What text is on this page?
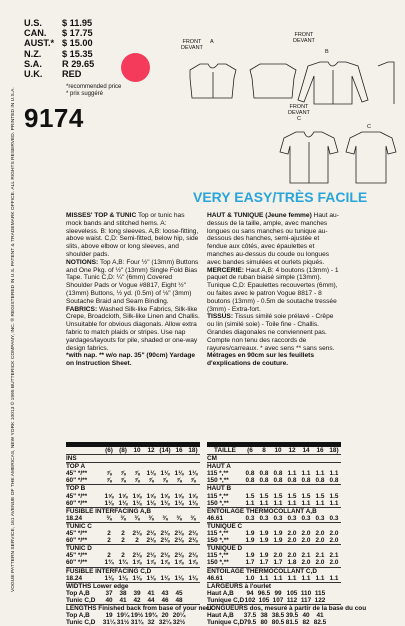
VOGUE PATTERN SERVICE, 161 AVENUE OF THE AMERICAS, NEW YORK 10013 © 1995 BUTTERICK COMPANY, INC. ® REGISTERED IN U.S. PATENT & TRADEMARK OFFICE. ALL RIGHTS RESERVED. PRINTED IN U.S.A.
U.S.	$ 11.95
CAN.	$ 17.75
AUST.* $ 15.00
N.Z.	$ 15.35
S.A.	R 29.65
U.K.	RED
*recommended price
* prix suggéré
9174
FRONT
DEVANT
A
FRONT
DEVANT
B
FRONT
DEVANT
C
C
VERY EASY/TRÈS FACILE

MISSES' TOP & TUNIC Top or tunic has mock bands and stitched hems. A: sleeveless. B: long sleeves. A,B: loose-fitting, above waist. C,D: Semi-fitted, below hip, side slits, above elbow or long sleeves, and shoulder pads.

NOTIONS: Top A,B: Four ½" (13mm) Buttons and One Pkg. of ½" (13mm) Single Fold Bias Tape. Tunic C,D: ¼" (6mm) Covered Shoulder Pads or Vogue #8817, Eight ½" (13mm) Buttons, ½ yd. (0.5m) of ⅛" (3mm) Soutache Braid and Seam Binding.

FABRICS: Washed Silk-like Fabrics, Silk-like Crepe, Broadcloth, Silk-like Linen and Challis. Unsuitable for obvious diagonals. Allow extra fabric to match plaids or stripes. Use nap yardages/layouts for pile, shaded or one-way design fabrics.

*with nap. ** w/o nap. 35" (90cm) Yardage on Instruction Sheet.

HAUT & TUNIQUE (Jeune femme) Haut au-dessus de la taille, ample, avec manches longues ou sans manches ou tunique au-dessous des hanches, semi-ajustée et fendue aux côtés, avec épaulettes et manches au-dessus du coude ou longues avec bandes simulées et ourlets piqués.

MERCERIE: Haut A,B: 4 boutons (13mm) - 1 paquet de ruban biaisé simple (13mm). Tunique C,D: Epaulettes recouvertes (6mm), ou faites avec le patron Vogue 8817 - 8 boutons (13mm) - 0.5m de soutache tressée (3mm) - Extra-fort.

TISSUS: Tissus similé soie prélavé - Crêpe ou lin (similé soie) - Toile fine - Challis. Grandes diagonales ne conviennent pas. Compte non tenu des raccords de rayures/carreaux. * avec sens ** sans sens.

Métrages en 90cm sur les feuillets d'explications de couture.

(6) (8)	10	12 (14) 16 18)
INS
TOP A
45" */**	⅞	⅞	⅞	1⅛ 1⅛ 1⅛ 1⅛
60" */**	⅞	⅞	⅞	⅞	⅞	⅞	⅞
TOP B
45" */**	1⅝ 1⅝ 1⅝ 1⅝ 1⅝ 1⅝ 1⅝
60" */**	1⅛ 1⅛ 1⅛ 1⅛ 1⅛ 1⅛ 1⅛
FUSIBLE INTERFACING A,B
18.24	⅜	⅜	⅜	⅜	⅜	⅜	⅜
TUNIC C
45" */**	2	2	2⅛ 2⅛ 2⅛ 2⅛ 2⅛
60" */**	2	2	2	2⅛ 2⅛ 2⅛ 2⅛
TUNIC D
45" */**	2	2	2⅛ 2⅛ 2⅛ 2⅛ 2⅛
60" */**	1¾ 1¾ 1⅞ 1⅞ 1⅞ 1⅞ 1⅞
FUSIBLE INTERFACING C,D
18.24	1⅛ 1⅛ 1⅛ 1⅛ 1⅛ 1⅛ 1⅛
WIDTHS Lower edge
Top A,B	37	38	39	41	43	45
Tunic C,D	40	41	42	44	46	48
LENGTHS Finished back from base of your neck
Top A,B	19 19¼ 19½ 19¾ 20 20¼
Tunic C,D	31¼ 31½ 31¾ 32 32¼ 32½
TAILLE	(6	8	10	12	14	16 18)
CM
HAUT A
115 *,**	0.8 0.8 0.8 1.1 1.1 1.1 1.1
150 *,**	0.8 0.8 0.8 0.8 0.8 0.8 0.8
HAUT B
115 *,**	1.5 1.5 1.5 1.5 1.5 1.5 1.5
150 *,**	1.1 1.1 1.1 1.1 1.1 1.1 1.1
ENTOILAGE THERMOCOLLANT A,B
46.61	0.3 0.3 0.3 0.3 0.3 0.3 0.3
TUNIQUE C
115 *,**	1.9 1.9 1.9 2.0 2.0 2.0 2.0
150 *,**	1.9 1.9 1.9 2.0 2.0 2.0 2.0
TUNIQUE D
115 *,**	1.9 1.9 2.0 2.0 2.1 2.1 2.1
150 *,**	1.7 1.7 1.7 1.8 2.0 2.0 2.0
ENTOILAGE THERMOCOLLANT C,D
46.61	1.0 1.1 1.1 1.1 1.1 1.1 1.1
LARGEURS à l'ourlet
Haut A,B	94 96.5 99 105 110 115
Tunique C,D 102 105 107 112 117 122
LONGUEURS dos, mesuré à partir de la base du cou
Haut A,B	37.5 38 38.5 39.5 40	41
Tunique C,D 79.5 80 80.5 81.5 82 82.5
